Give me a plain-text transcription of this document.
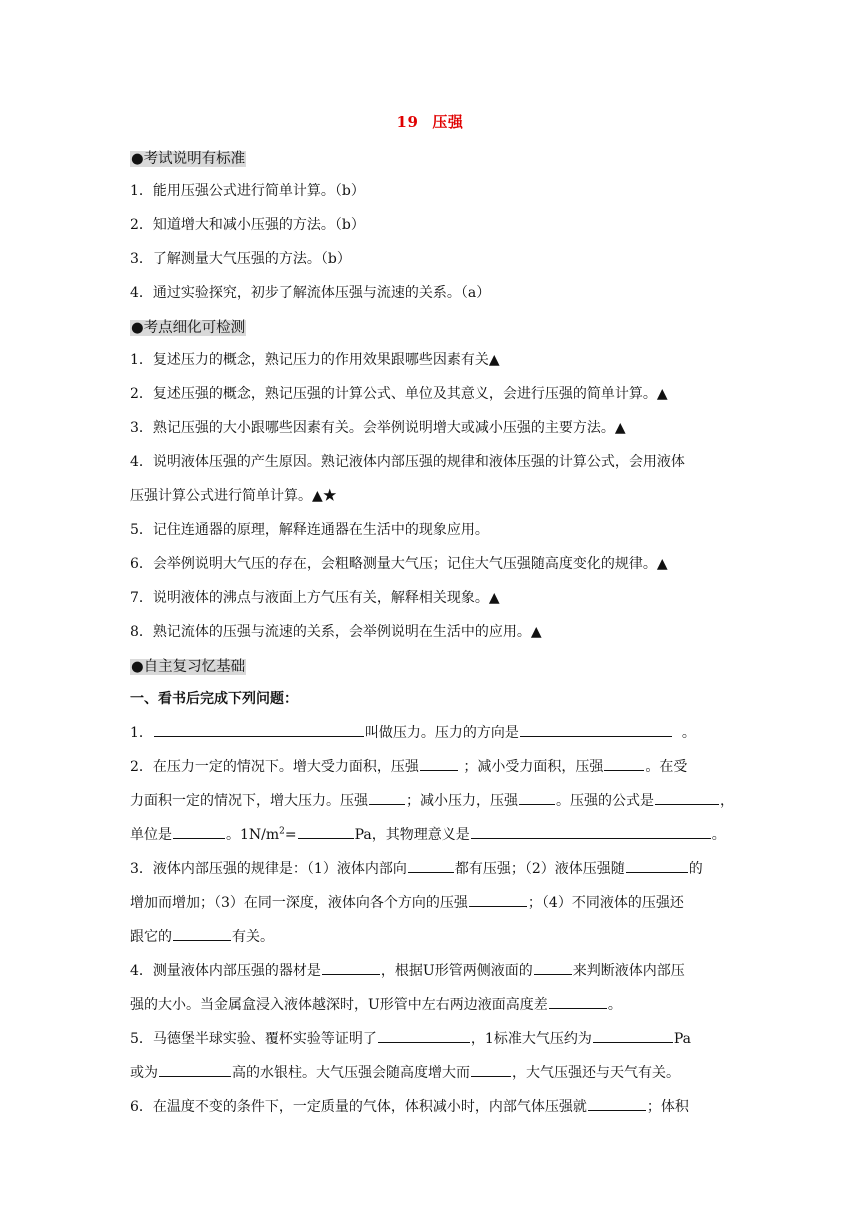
19 压强
●考试说明有标准
1．能用压强公式进行简单计算。（b）
2．知道增大和减小压强的方法。（b）
3．了解测量大气压强的方法。（b）
4．通过实验探究，初步了解流体压强与流速的关系。（a）
●考点细化可检测
1．复述压力的概念，熟记压力的作用效果跟哪些因素有关▲
2．复述压强的概念，熟记压强的计算公式、单位及其意义，会进行压强的简单计算。▲
3．熟记压强的大小跟哪些因素有关。会举例说明增大或减小压强的主要方法。▲
4．说明液体压强的产生原因。熟记液体内部压强的规律和液体压强的计算公式，会用液体
压强计算公式进行简单计算。▲★
5．记住连通器的原理，解释连通器在生活中的现象应用。
6．会举例说明大气压的存在，会粗略测量大气压；记住大气压强随高度变化的规律。▲
7．说明液体的沸点与液面上方气压有关，解释相关现象。▲
8．熟记流体的压强与流速的关系，会举例说明在生活中的应用。▲
●自主复习忆基础
一、看书后完成下列问题：
1．	叫做压力。压力的方向是	。
2．在压力一定的情况下。增大受力面积，压强	；减小受力面积，压强	。在受
力面积一定的情况下，增大压力。压强	；减小压力，压强	。压强的公式是	，
单位是	。$1N/m^2=$	Pa，其物理意义是	。
3．液体内部压强的规律是：（1）液体内部向	都有压强；（2）液体压强随	的
增加而增加；（3）在同一深度，液体向各个方向的压强	；（4）不同液体的压强还
跟它的	有关。
4．测量液体内部压强的器材是	，根据U形管两侧液面的	来判断液体内部压
强的大小。当金属盒浸入液体越深时，U形管中左右两边液面高度差	。
5．马德堡半球实验、覆杯实验等证明了	，1标准大气压约为	Pa
或为	高的水银柱。大气压强会随高度增大而	，大气压强还与天气有关。
6．在温度不变的条件下，一定质量的气体，体积减小时，内部气体压强就	；体积
